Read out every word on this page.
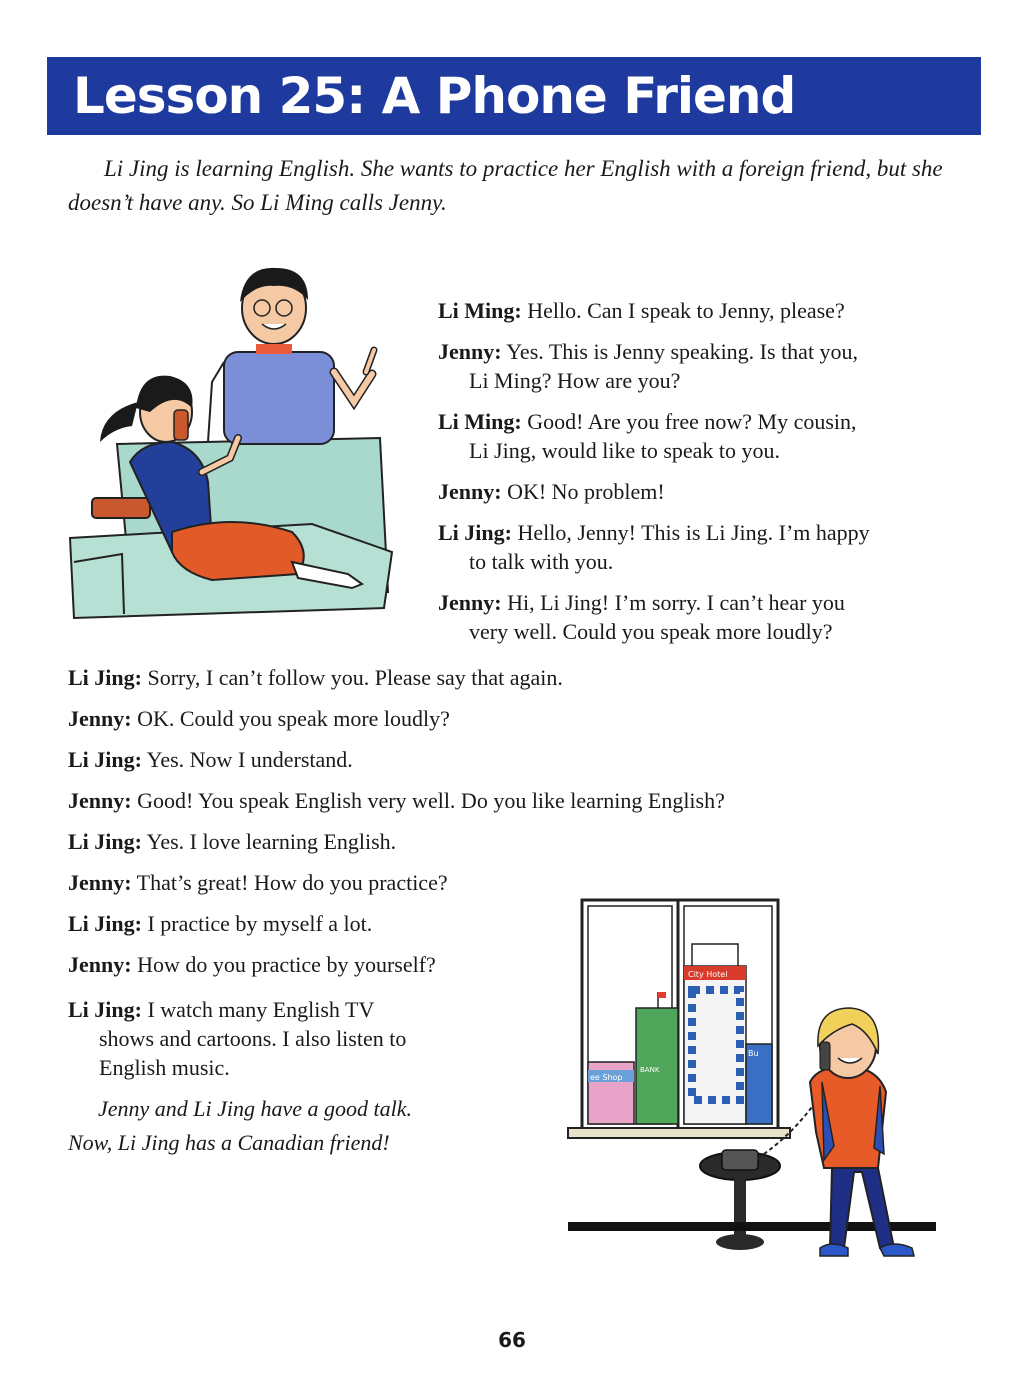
Lesson 25: A Phone Friend

Li Jing is learning English. She wants to practice her English with a foreign friend, but she doesn’t have any. So Li Ming calls Jenny.

Li Ming: Hello. Can I speak to Jenny, please?

Jenny: Yes. This is Jenny speaking. Is that you,
Li Ming? How are you?

Li Ming: Good! Are you free now? My cousin,
Li Jing, would like to speak to you.

Jenny: OK! No problem!

Li Jing: Hello, Jenny! This is Li Jing. I’m happy
to talk with you.

Jenny: Hi, Li Jing! I’m sorry. I can’t hear you
very well. Could you speak more loudly?

Li Jing: Sorry, I can’t follow you. Please say that again.

Jenny: OK. Could you speak more loudly?

Li Jing: Yes. Now I understand.

Jenny: Good! You speak English very well. Do you like learning English?

Li Jing: Yes. I love learning English.

Jenny: That’s great! How do you practice?

Li Jing: I practice by myself a lot.

Jenny: How do you practice by yourself?

Li Jing: I watch many English TV
shows and cartoons. I also listen to
English music.

Jenny and Li Jing have a good talk.

Now, Li Jing has a Canadian friend!

ee Shop
BANK
City Hotel
Bu
66
